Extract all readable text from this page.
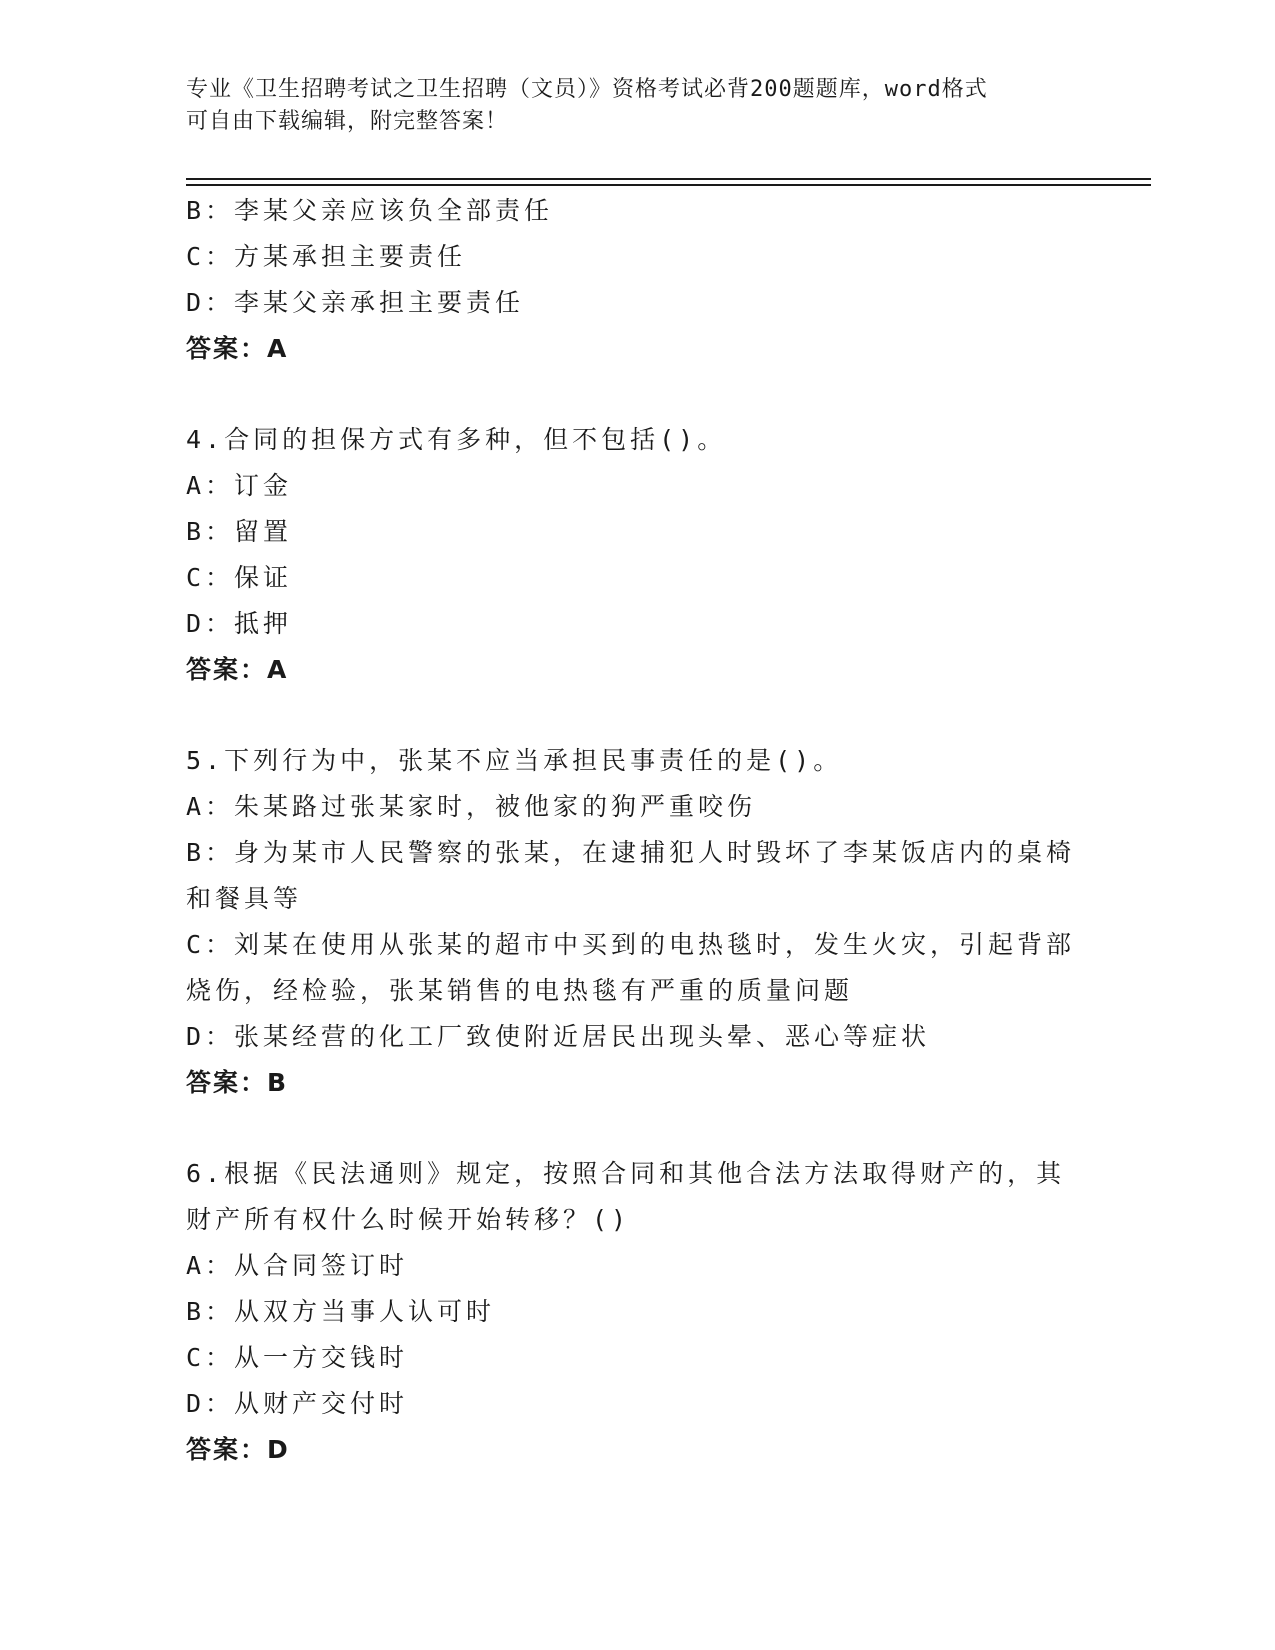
专业《卫生招聘考试之卫生招聘（文员）》资格考试必背200题题库，word格式
可自由下载编辑，附完整答案！

B：李某父亲应该负全部责任

C：方某承担主要责任

D：李某父亲承担主要责任

答案：A

4.合同的担保方式有多种，但不包括()。

A：订金

B：留置

C：保证

D：抵押

答案：A

5.下列行为中，张某不应当承担民事责任的是()。

A：朱某路过张某家时，被他家的狗严重咬伤

B：身为某市人民警察的张某，在逮捕犯人时毁坏了李某饭店内的桌椅

和餐具等

C：刘某在使用从张某的超市中买到的电热毯时，发生火灾，引起背部

烧伤，经检验，张某销售的电热毯有严重的质量问题

D：张某经营的化工厂致使附近居民出现头晕、恶心等症状

答案：B

6.根据《民法通则》规定，按照合同和其他合法方法取得财产的，其

财产所有权什么时候开始转移？()

A：从合同签订时

B：从双方当事人认可时

C：从一方交钱时

D：从财产交付时

答案：D
